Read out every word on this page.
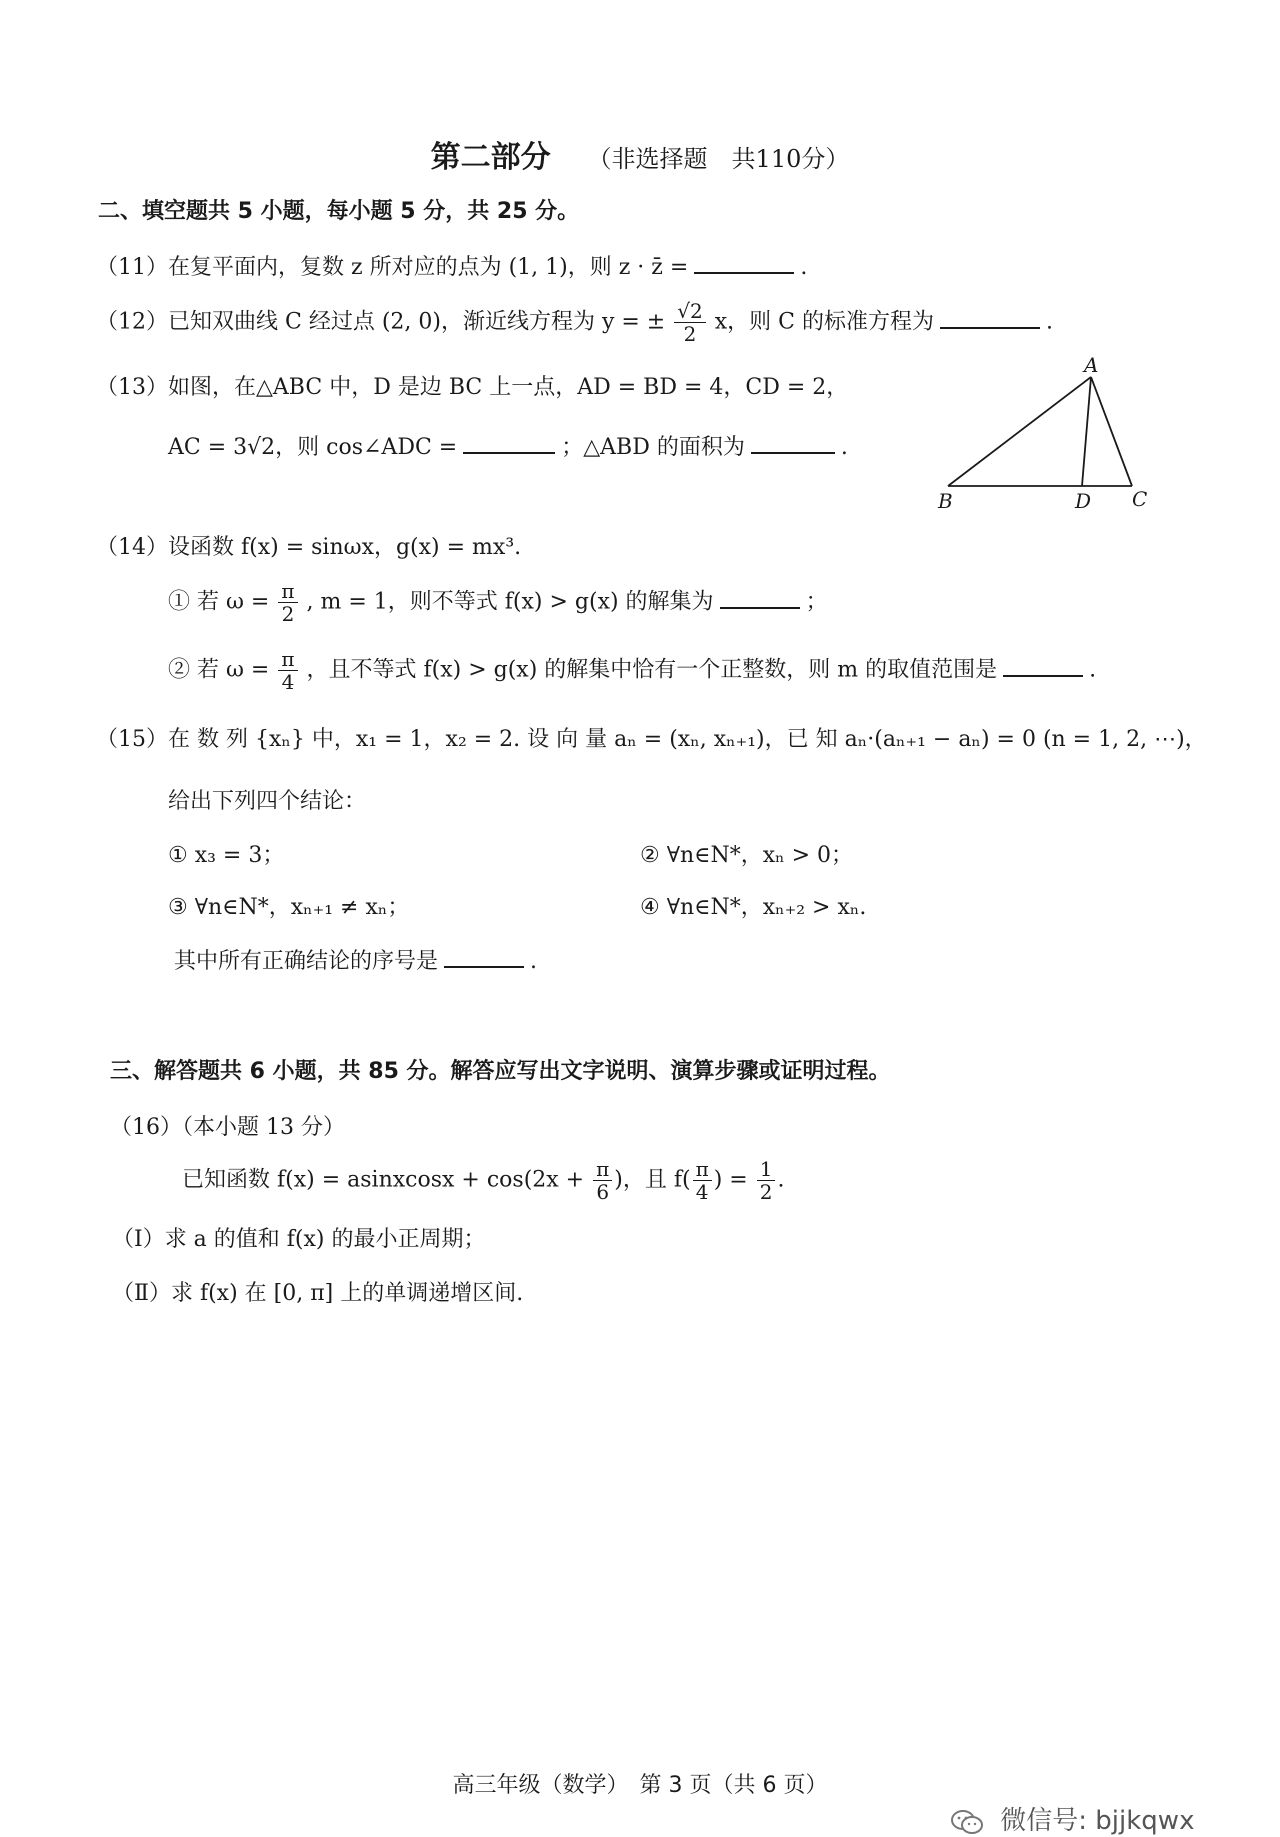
第二部分 （非选择题　共110分）
二、填空题共 5 小题，每小题 5 分，共 25 分。
（11）在复平面内，复数 z 所对应的点为 (1, 1)，则 z · z̄ =	.
（12）已知双曲线 C 经过点 (2, 0)，渐近线方程为 y = ± $\frac{√2}{2}$ x，则 C 的标准方程为	.
（13）如图，在△ABC 中，D 是边 BC 上一点，AD = BD = 4，CD = 2，
AC = 3√2，则 cos∠ADC =	；△ABD 的面积为	.
A
B	C
D
（14）设函数 f(x) = sinωx，g(x) = mx³.
① 若 $\omega = \frac{\pi}{2}$ , m = 1，则不等式 f(x) > g(x) 的解集为	；
② 若 $\omega = \frac{\pi}{4}$ ，且不等式 f(x) > g(x) 的解集中恰有一个正整数，则 m 的取值范围是	.
（15）在 数 列 {xₙ} 中，x₁ = 1，x₂ = 2. 设 向 量 aₙ = (xₙ, xₙ₊₁)，已 知 aₙ·(aₙ₊₁ − aₙ) = 0 (n = 1, 2, ⋯)，
给出下列四个结论：
① x₃ = 3；	② ∀n∈N*，xₙ > 0；
③ ∀n∈N*，xₙ₊₁ ≠ xₙ；	④ ∀n∈N*，xₙ₊₂ > xₙ.
其中所有正确结论的序号是	.
三、解答题共 6 小题，共 85 分。解答应写出文字说明、演算步骤或证明过程。
（16）（本小题 13 分）
已知函数 f(x) = asinxcosx + $\cos(2x + \frac{\pi}{6}$ )，且 $f( \frac{\pi}{4}$ ) = $\frac{1}{2}$ .
（Ⅰ）求 a 的值和 f(x) 的最小正周期；
（Ⅱ）求 f(x) 在 [0, π] 上的单调递增区间.
高三年级（数学）　第 3 页（共 6 页）
微信号: bjjkqwx
